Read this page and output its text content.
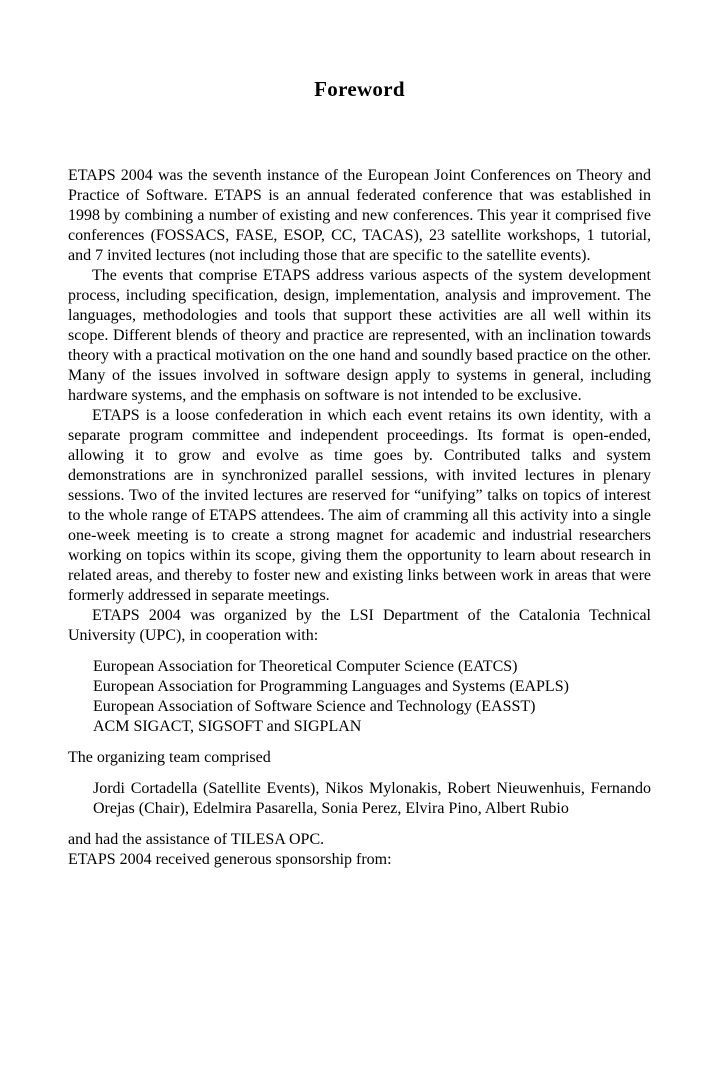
Foreword

ETAPS 2004 was the seventh instance of the European Joint Conferences on Theory and Practice of Software. ETAPS is an annual federated conference that was established in 1998 by combining a number of existing and new conferences. This year it comprised five conferences (FOSSACS, FASE, ESOP, CC, TACAS), 23 satellite workshops, 1 tutorial, and 7 invited lectures (not including those that are specific to the satellite events).

The events that comprise ETAPS address various aspects of the system development process, including specification, design, implementation, analysis and improvement. The languages, methodologies and tools that support these activities are all well within its scope. Different blends of theory and practice are represented, with an inclination towards theory with a practical motivation on the one hand and soundly based practice on the other. Many of the issues involved in software design apply to systems in general, including hardware systems, and the emphasis on software is not intended to be exclusive.

ETAPS is a loose confederation in which each event retains its own identity, with a separate program committee and independent proceedings. Its format is open-ended, allowing it to grow and evolve as time goes by. Contributed talks and system demonstrations are in synchronized parallel sessions, with invited lectures in plenary sessions. Two of the invited lectures are reserved for “unifying” talks on topics of interest to the whole range of ETAPS attendees. The aim of cramming all this activity into a single one-week meeting is to create a strong magnet for academic and industrial researchers working on topics within its scope, giving them the opportunity to learn about research in related areas, and thereby to foster new and existing links between work in areas that were formerly addressed in separate meetings.

ETAPS 2004 was organized by the LSI Department of the Catalonia Technical University (UPC), in cooperation with:

European Association for Theoretical Computer Science (EATCS)
European Association for Programming Languages and Systems (EAPLS)
European Association of Software Science and Technology (EASST)
ACM SIGACT, SIGSOFT and SIGPLAN

The organizing team comprised

Jordi Cortadella (Satellite Events), Nikos Mylonakis, Robert Nieuwenhuis, Fernando Orejas (Chair), Edelmira Pasarella, Sonia Perez, Elvira Pino, Albert Rubio

and had the assistance of TILESA OPC.

ETAPS 2004 received generous sponsorship from:
